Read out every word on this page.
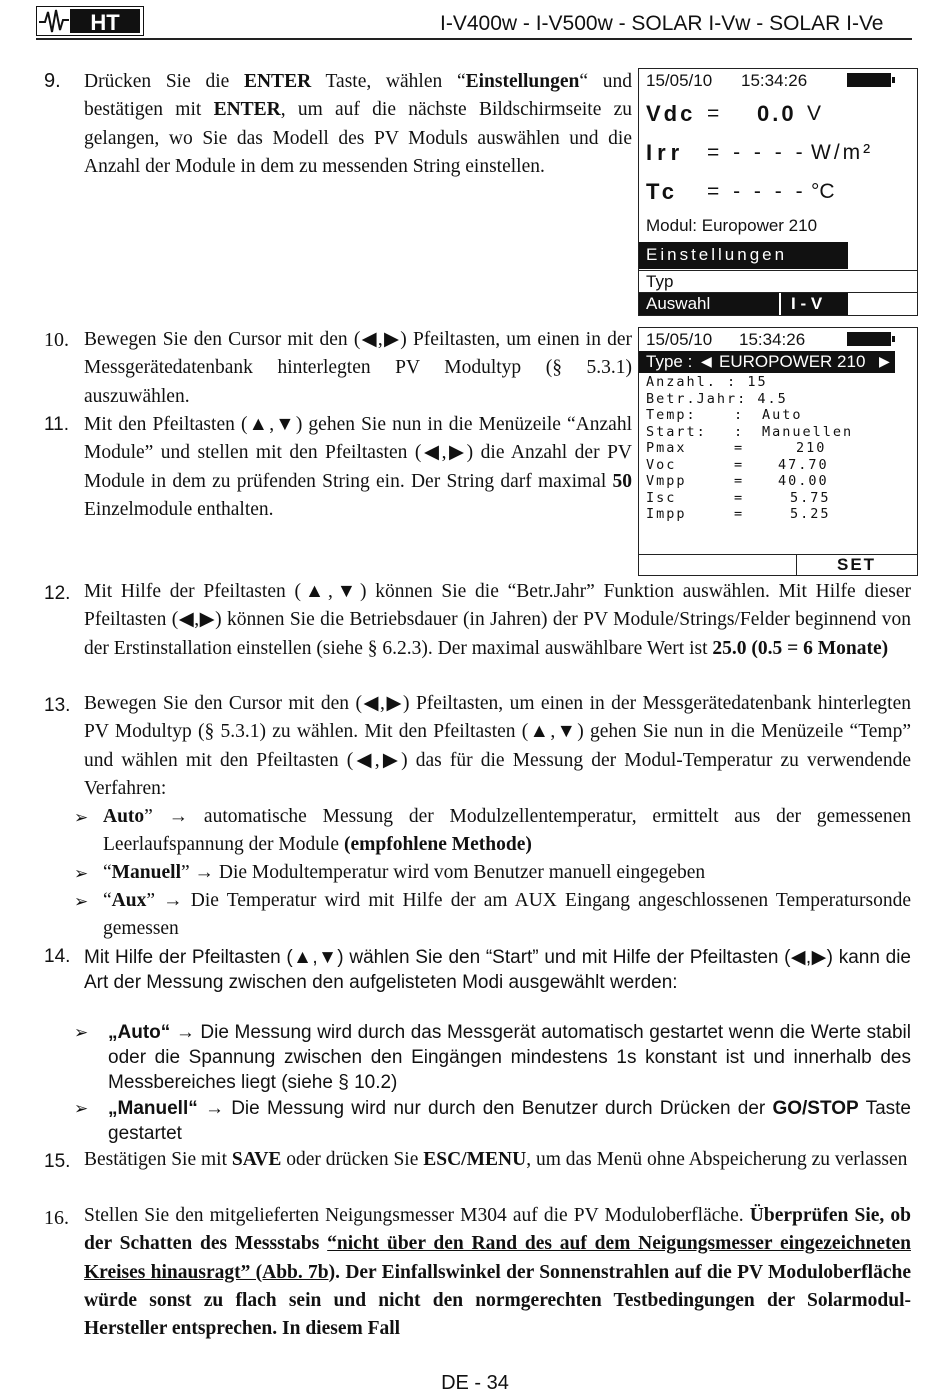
HT	I-V400w - I-V500w - SOLAR I-Vw - SOLAR I-Ve
9. Drücken Sie die ENTER Taste, wählen “Einstellungen“ und bestätigen mit ENTER, um auf die nächste Bildschirmseite zu gelangen, wo Sie das Modell des PV Moduls auswählen und die Anzahl der Module in dem zu messenden String einstellen.
15/05/10 15:34:26
Vdc = 0.0 V
Irr = - - - - W/m²
Tc = - - - - °C
Modul: Europower 210
Einstellungen
Typ
Auswahl	I - V
10. Bewegen Sie den Cursor mit den (◀,▶) Pfeiltasten, um einen in der Messgerätedatenbank hinterlegten PV Modultyp (§ 5.3.1) auszuwählen.
11. Mit den Pfeiltasten (▲,▼) gehen Sie nun in die Menüzeile “Anzahl Module” und stellen mit den Pfeiltasten (◀,▶) die Anzahl der PV Module in dem zu prüfenden String ein. Der String darf maximal 50 Einzelmodule enthalten.
15/05/10 15:34:26
Type : ◀ EUROPOWER 210 ▶
Anzahl. : 15
Betr.Jahr: 4.5
Temp:	: Auto
Start: : Manuellen
Pmax	=	210
Voc	=	47.70
Vmpp	=	40.00
Isc	=	5.75
Impp	=	5.25
SET
12. Mit Hilfe der Pfeiltasten (▲,▼) können Sie die “Betr.Jahr” Funktion auswählen. Mit Hilfe dieser Pfeiltasten (◀,▶) können Sie die Betriebsdauer (in Jahren) der PV Module/Strings/Felder beginnend von der Erstinstallation einstellen (siehe § 6.2.3). Der maximal auswählbare Wert ist 25.0 (0.5 = 6 Monate)
13. Bewegen Sie den Cursor mit den (◀,▶) Pfeiltasten, um einen in der Messgerätedatenbank hinterlegten PV Modultyp (§ 5.3.1) zu wählen. Mit den Pfeiltasten (▲,▼) gehen Sie nun in die Menüzeile “Temp” und wählen mit den Pfeiltasten (◀,▶) das für die Messung der Modul-Temperatur zu verwendende Verfahren:
➢ Auto” → automatische Messung der Modulzellentemperatur, ermittelt aus der gemessenen Leerlaufspannung der Module (empfohlene Methode)
➢ “Manuell” → Die Modultemperatur wird vom Benutzer manuell eingegeben
➢ “Aux” → Die Temperatur wird mit Hilfe der am AUX Eingang angeschlossenen Temperatursonde gemessen
14. Mit Hilfe der Pfeiltasten (▲,▼) wählen Sie den “Start” und mit Hilfe der Pfeiltasten (◀,▶) kann die Art der Messung zwischen den aufgelisteten Modi ausgewählt werden:
➢ „Auto“ → Die Messung wird durch das Messgerät automatisch gestartet wenn die Werte stabil oder die Spannung zwischen den Eingängen mindestens 1s konstant ist und innerhalb des Messbereiches liegt (siehe § 10.2)
➢ „Manuell“ → Die Messung wird nur durch den Benutzer durch Drücken der GO/STOP Taste gestartet
15. Bestätigen Sie mit SAVE oder drücken Sie ESC/MENU, um das Menü ohne Abspeicherung zu verlassen
16. Stellen Sie den mitgelieferten Neigungsmesser M304 auf die PV Moduloberfläche. Überprüfen Sie, ob der Schatten des Messstabs “nicht über den Rand des auf dem Neigungsmesser eingezeichneten Kreises hinausragt” (Abb. 7b). Der Einfallswinkel der Sonnenstrahlen auf die PV Moduloberfläche würde sonst zu flach sein und nicht den normgerechten Testbedingungen der Solarmodul-Hersteller entsprechen. In diesem Fall
DE - 34
